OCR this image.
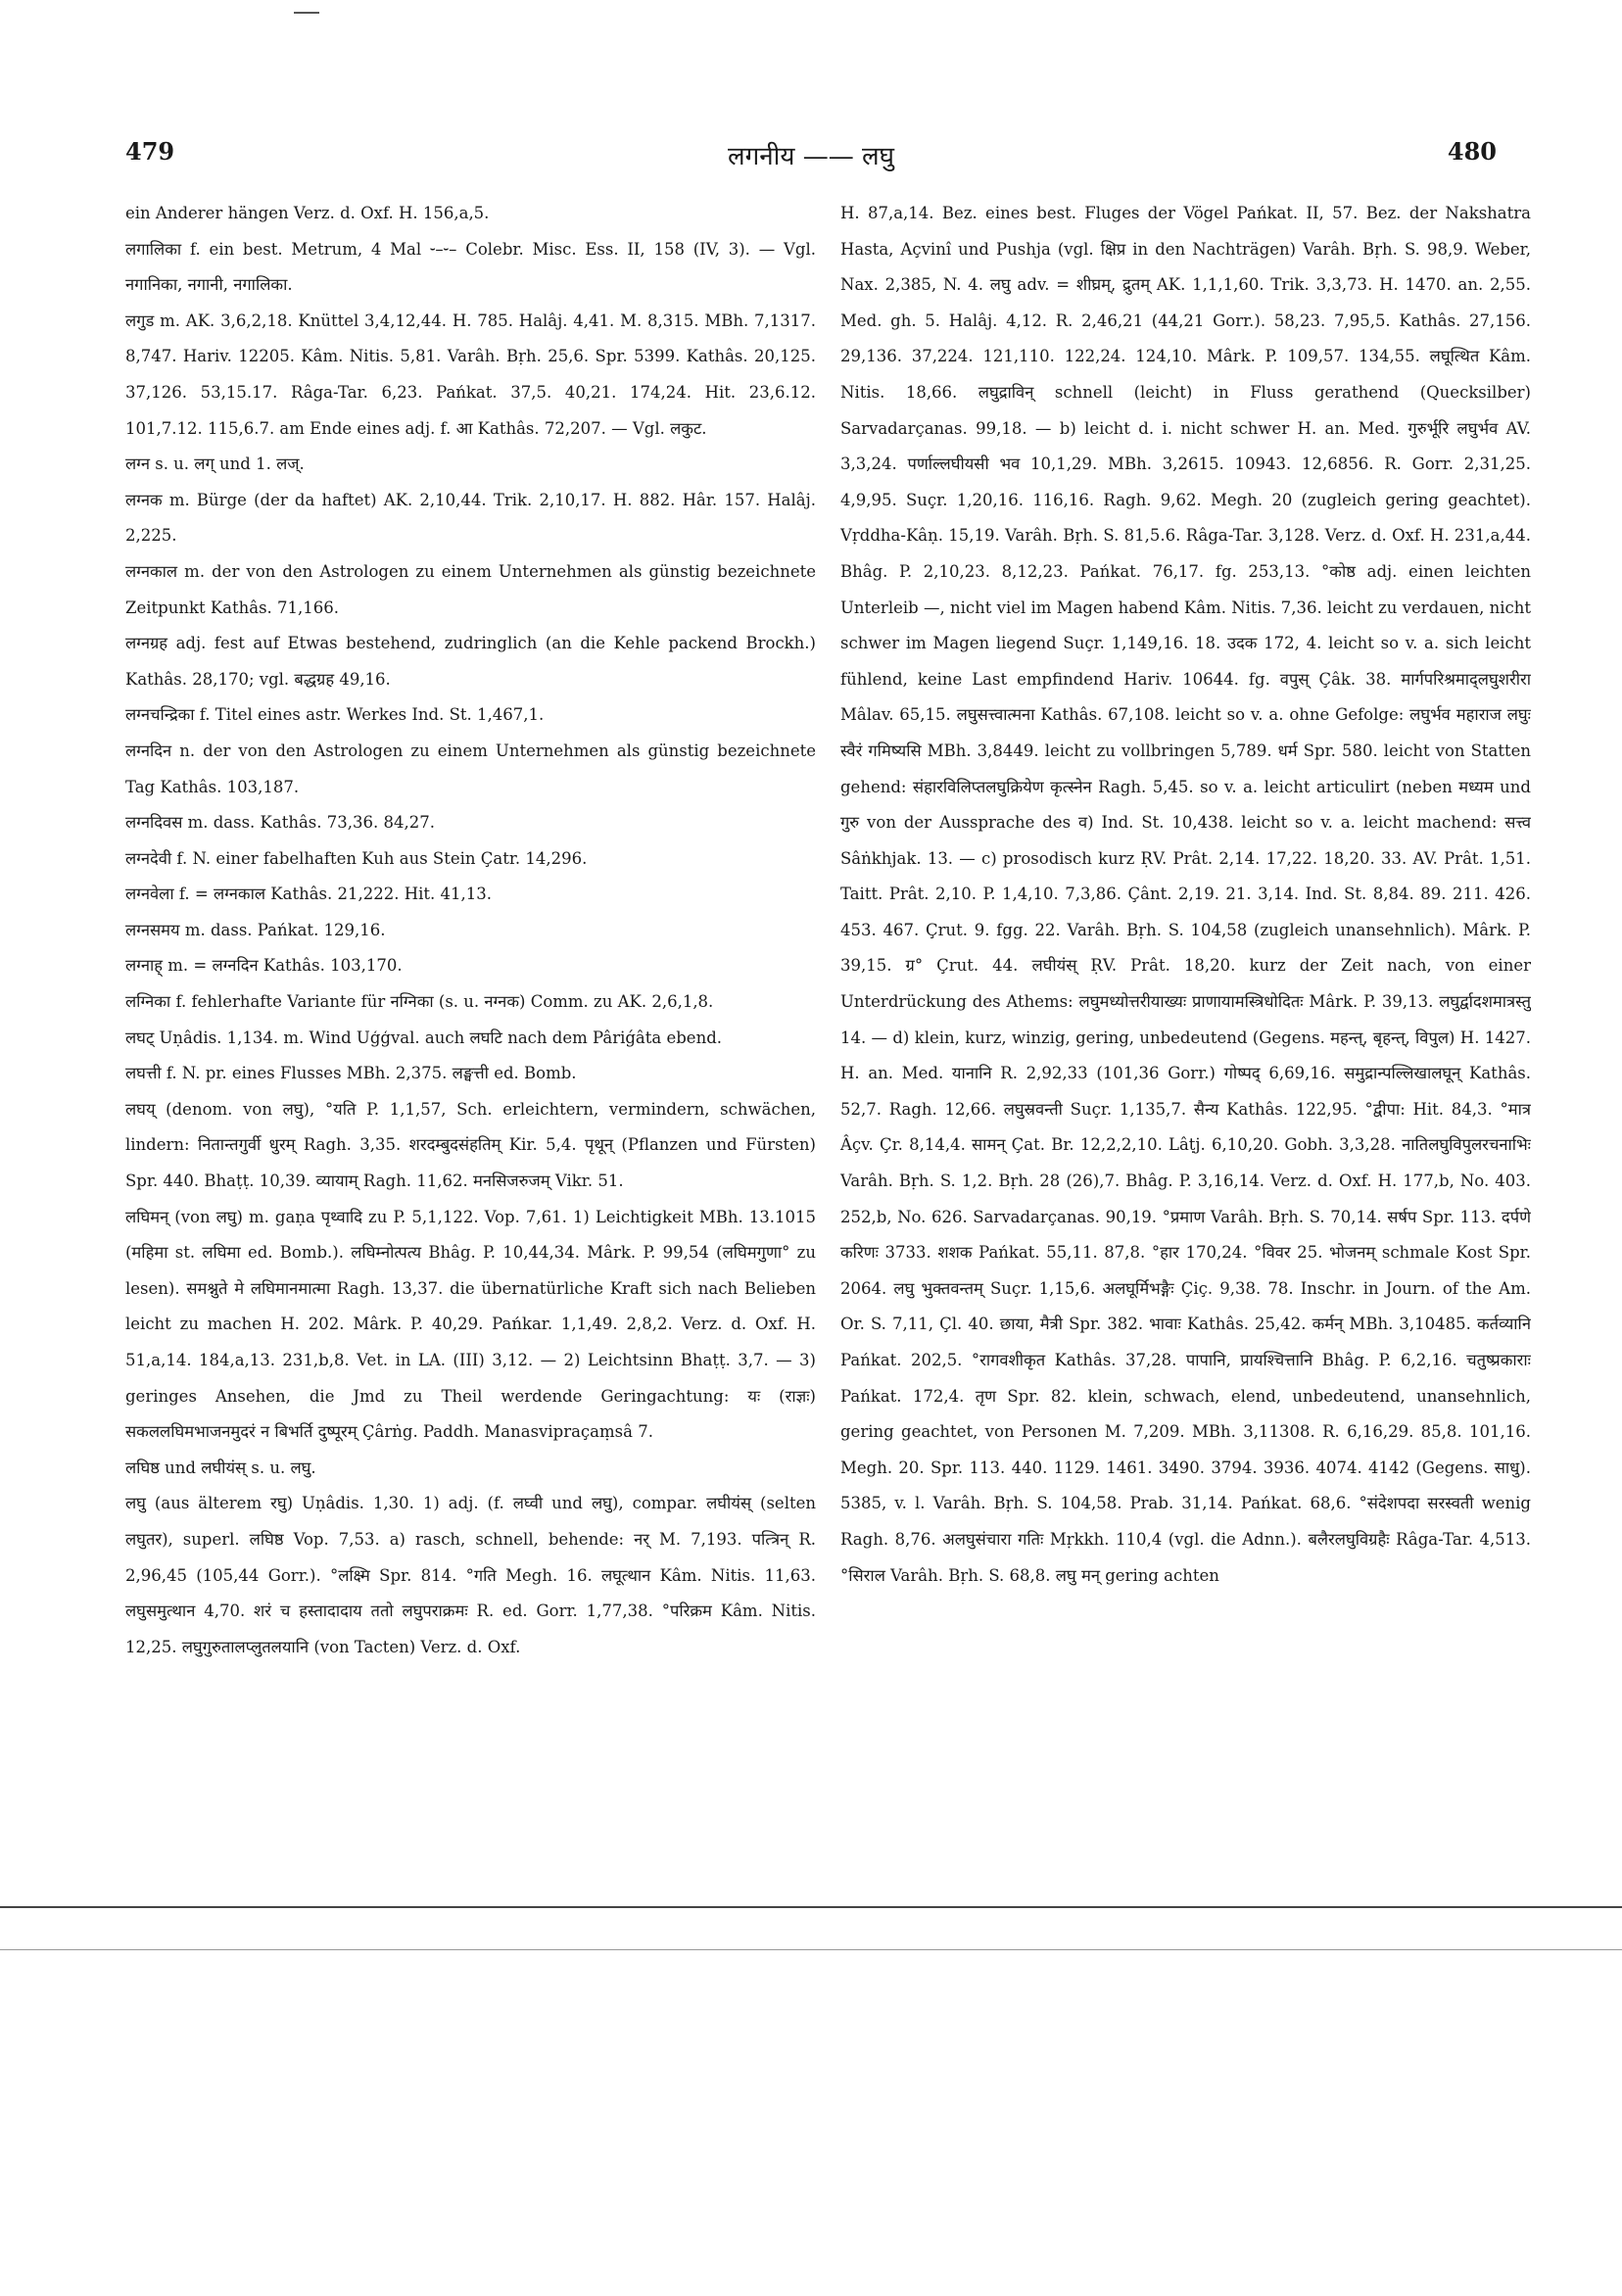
लगनीय —— लघु
479	480

ein Anderer hängen Verz. d. Oxf. H. 156,a,5.

लगालिका f. ein best. Metrum, 4 Mal ⏑–⏑– Colebr. Misc. Ess. II, 158 (IV, 3). — Vgl. नगानिका, नगानी, नगालिका.

लगुड m. AK. 3,6,2,18. Knüttel 3,4,12,44. H. 785. Halâj. 4,41. M. 8,315. MBh. 7,1317. 8,747. Hariv. 12205. Kâm. Nitis. 5,81. Varâh. Bṛh. 25,6. Spr. 5399. Kathâs. 20,125. 37,126. 53,15.17. Râga-Tar. 6,23. Pańkat. 37,5. 40,21. 174,24. Hit. 23,6.12. 101,7.12. 115,6.7. am Ende eines adj. f. आ Kathâs. 72,207. — Vgl. लकुट.

लग्न s. u. लग् und 1. लज्.

लग्नक m. Bürge (der da haftet) AK. 2,10,44. Trik. 2,10,17. H. 882. Hâr. 157. Halâj. 2,225.

लग्नकाल m. der von den Astrologen zu einem Unternehmen als günstig bezeichnete Zeitpunkt Kathâs. 71,166.

लग्नग्रह adj. fest auf Etwas bestehend, zudringlich (an die Kehle packend Brockh.) Kathâs. 28,170; vgl. बद्धग्रह 49,16.

लग्नचन्द्रिका f. Titel eines astr. Werkes Ind. St. 1,467,1.

लग्नदिन n. der von den Astrologen zu einem Unternehmen als günstig bezeichnete Tag Kathâs. 103,187.

लग्नदिवस m. dass. Kathâs. 73,36. 84,27.

लग्नदेवी f. N. einer fabelhaften Kuh aus Stein Çatr. 14,296.

लग्नवेला f. = लग्नकाल Kathâs. 21,222. Hit. 41,13.

लग्नसमय m. dass. Pańkat. 129,16.

लग्नाह् m. = लग्नदिन Kathâs. 103,170.

लग्निका f. fehlerhafte Variante für नग्निका (s. u. नग्नक) Comm. zu AK. 2,6,1,8.

लघट् Uṇâdis. 1,134. m. Wind Uģģval. auch लघटि nach dem Pâriǵâta ebend.

लघत्ती f. N. pr. eines Flusses MBh. 2,375. लङ्घत्ती ed. Bomb.

लघय् (denom. von लघु), °यति P. 1,1,57, Sch. erleichtern, vermindern, schwächen, lindern: नितान्तगुर्वी धुरम् Ragh. 3,35. शरदम्बुदसंहतिम् Kir. 5,4. पृथून् (Pflanzen und Fürsten) Spr. 440. Bhaṭṭ. 10,39. व्यायाम् Ragh. 11,62. मनसिजरुजम् Vikr. 51.

लघिमन् (von लघु) m. gaṇa पृथ्वादि zu P. 5,1,122. Vop. 7,61. 1) Leichtigkeit MBh. 13.1015 (महिमा st. लघिमा ed. Bomb.). लघिम्नोत्पत्य Bhâg. P. 10,44,34. Mârk. P. 99,54 (लघिमगुणा° zu lesen). समश्नुते मे लघिमानमात्मा Ragh. 13,37. die übernatürliche Kraft sich nach Belieben leicht zu machen H. 202. Mârk. P. 40,29. Pańkar. 1,1,49. 2,8,2. Verz. d. Oxf. H. 51,a,14. 184,a,13. 231,b,8. Vet. in LA. (III) 3,12. — 2) Leichtsinn Bhaṭṭ. 3,7. — 3) geringes Ansehen, die Jmd zu Theil werdende Geringachtung: यः (राज्ञः) सकललघिमभाजनमुदरं न बिभर्ति दुष्पूरम् Çârṅg. Paddh. Manasvipraçaṃsâ 7.

लघिष्ठ und लघीयंस् s. u. लघु.

लघु (aus älterem रघु) Uṇâdis. 1,30. 1) adj. (f. लघ्वी und लघु), compar. लघीयंस् (selten लघुतर), superl. लघिष्ठ Vop. 7,53. a) rasch, schnell, behende: नर् M. 7,193. पत्त्रिन् R. 2,96,45 (105,44 Gorr.). °लक्ष्मि Spr. 814. °गति Megh. 16. लघूत्थान Kâm. Nitis. 11,63. लघुसमुत्थान 4,70. शरं च हस्तादादाय ततो लघुपराक्रमः R. ed. Gorr. 1,77,38. °परिक्रम Kâm. Nitis. 12,25. लघुगुरुतालप्लुतलयानि (von Tacten) Verz. d. Oxf.

H. 87,a,14. Bez. eines best. Fluges der Vögel Pańkat. II, 57. Bez. der Nakshatra Hasta, Açvinî und Pushja (vgl. क्षिप्र in den Nachträgen) Varâh. Bṛh. S. 98,9. Weber, Nax. 2,385, N. 4. लघु adv. = शीघ्रम्, द्रुतम् AK. 1,1,1,60. Trik. 3,3,73. H. 1470. an. 2,55. Med. gh. 5. Halâj. 4,12. R. 2,46,21 (44,21 Gorr.). 58,23. 7,95,5. Kathâs. 27,156. 29,136. 37,224. 121,110. 122,24. 124,10. Mârk. P. 109,57. 134,55. लघूत्थित Kâm. Nitis. 18,66. लघुद्राविन् schnell (leicht) in Fluss gerathend (Quecksilber) Sarvadarçanas. 99,18. — b) leicht d. i. nicht schwer H. an. Med. गुरुर्भूरि लघुर्भव AV. 3,3,24. पर्णाल्लघीयसी भव 10,1,29. MBh. 3,2615. 10943. 12,6856. R. Gorr. 2,31,25. 4,9,95. Suçr. 1,20,16. 116,16. Ragh. 9,62. Megh. 20 (zugleich gering geachtet). Vṛddha-Kâṇ. 15,19. Varâh. Bṛh. S. 81,5.6. Râga-Tar. 3,128. Verz. d. Oxf. H. 231,a,44. Bhâg. P. 2,10,23. 8,12,23. Pańkat. 76,17. fg. 253,13. °कोष्ठ adj. einen leichten Unterleib —, nicht viel im Magen habend Kâm. Nitis. 7,36. leicht zu verdauen, nicht schwer im Magen liegend Suçr. 1,149,16. 18. उदक 172, 4. leicht so v. a. sich leicht fühlend, keine Last empfindend Hariv. 10644. fg. वपुस् Çâk. 38. मार्गपरिश्रमाद्लघुशरीरा Mâlav. 65,15. लघुसत्त्वात्मना Kathâs. 67,108. leicht so v. a. ohne Gefolge: लघुर्भव महाराज लघुः स्वैरं गमिष्यसि MBh. 3,8449. leicht zu vollbringen 5,789. धर्म Spr. 580. leicht von Statten gehend: संहारविलिप्तलघुक्रियेण कृत्स्नेन Ragh. 5,45. so v. a. leicht articulirt (neben मध्यम und गुरु von der Aussprache des व) Ind. St. 10,438. leicht so v. a. leicht machend: सत्त्व Sâṅkhjak. 13. — c) prosodisch kurz ṚV. Prât. 2,14. 17,22. 18,20. 33. AV. Prât. 1,51. Taitt. Prât. 2,10. P. 1,4,10. 7,3,86. Çânt. 2,19. 21. 3,14. Ind. St. 8,84. 89. 211. 426. 453. 467. Çrut. 9. fgg. 22. Varâh. Bṛh. S. 104,58 (zugleich unansehnlich). Mârk. P. 39,15. ग्र° Çrut. 44. लघीयंस् ṚV. Prât. 18,20. kurz der Zeit nach, von einer Unterdrückung des Athems: लघुमध्योत्तरीयाख्यः प्राणायामस्त्रिधोदितः Mârk. P. 39,13. लघुर्द्वादशमात्रस्तु 14. — d) klein, kurz, winzig, gering, unbedeutend (Gegens. महन्त्, बृहन्त्, विपुल) H. 1427. H. an. Med. यानानि R. 2,92,33 (101,36 Gorr.) गोष्पद् 6,69,16. समुद्रान्पल्लिखालघून् Kathâs. 52,7. Ragh. 12,66. लघुस्रवन्ती Suçr. 1,135,7. सैन्य Kathâs. 122,95. °द्वीपा: Hit. 84,3. °मात्र Âçv. Çr. 8,14,4. सामन् Çat. Br. 12,2,2,10. Lâṭj. 6,10,20. Gobh. 3,3,28. नातिलघुविपुलरचनाभिः Varâh. Bṛh. S. 1,2. Bṛh. 28 (26),7. Bhâg. P. 3,16,14. Verz. d. Oxf. H. 177,b, No. 403. 252,b, No. 626. Sarvadarçanas. 90,19. °प्रमाण Varâh. Bṛh. S. 70,14. सर्षप Spr. 113. दर्पणे करिणः 3733. शशक Pańkat. 55,11. 87,8. °हार 170,24. °विवर 25. भोजनम् schmale Kost Spr. 2064. लघु भुक्तवन्तम् Suçr. 1,15,6. अलघूर्मिभङ्गैः Çiç. 9,38. 78. Inschr. in Journ. of the Am. Or. S. 7,11, Çl. 40. छाया, मैत्री Spr. 382. भावाः Kathâs. 25,42. कर्मन् MBh. 3,10485. कर्तव्यानि Pańkat. 202,5. °रागवशीकृत Kathâs. 37,28. पापानि, प्रायश्चित्तानि Bhâg. P. 6,2,16. चतुष्प्रकाराः Pańkat. 172,4. तृण Spr. 82. klein, schwach, elend, unbedeutend, unansehnlich, gering geachtet, von Personen M. 7,209. MBh. 3,11308. R. 6,16,29. 85,8. 101,16. Megh. 20. Spr. 113. 440. 1129. 1461. 3490. 3794. 3936. 4074. 4142 (Gegens. साधु). 5385, v. l. Varâh. Bṛh. S. 104,58. Prab. 31,14. Pańkat. 68,6. °संदेशपदा सरस्वती wenig Ragh. 8,76. अलघुसंचारा गतिः Mṛkkh. 110,4 (vgl. die Adnn.). बलैरलघुविग्रहैः Râga-Tar. 4,513. °सिराल Varâh. Bṛh. S. 68,8. लघु मन् gering achten
